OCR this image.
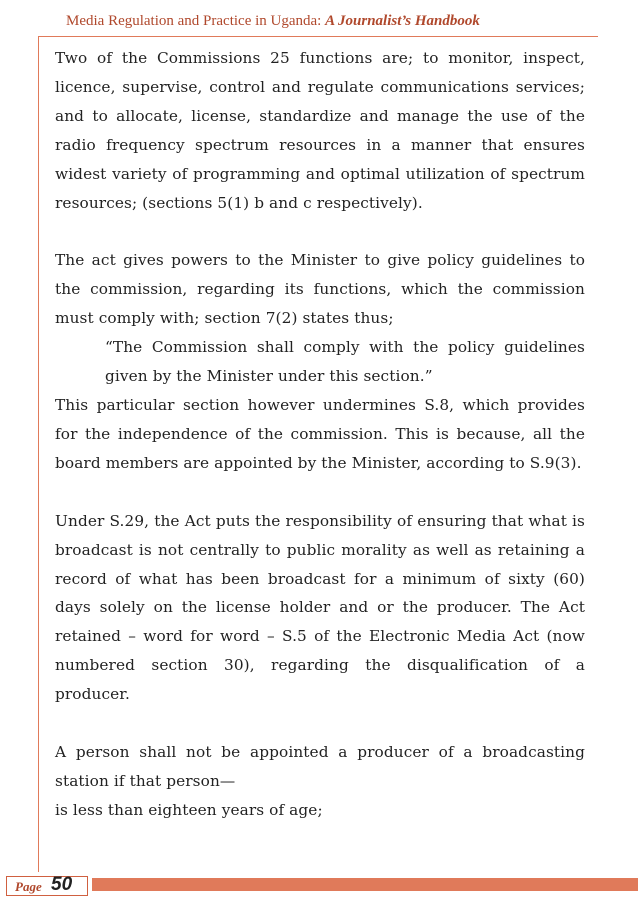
Media Regulation and Practice in Uganda: A Journalist’s Handbook

Two of the Commissions 25 functions are; to monitor, inspect, licence, supervise, control and regulate communications services; and to allocate, license, standardize and manage the use of the radio frequency spectrum resources in a manner that ensures widest variety of programming and optimal utilization of spectrum resources; (sections 5(1) b and c respectively).

The act gives powers to the Minister to give policy guidelines to the commission, regarding its functions, which the commission must comply with; section 7(2) states thus;

“The Commission shall comply with the policy guidelines given by the Minister under this section.”

This particular section however undermines S.8, which provides for the independence of the commission. This is because, all the board members are appointed by the Minister, according to S.9(3).

Under S.29, the Act puts the responsibility of ensuring that what is broadcast is not centrally to public morality as well as retaining a record of what has been broadcast for a minimum of sixty (60) days solely on the license holder and or the producer. The Act retained – word for word – S.5 of the Electronic Media Act (now numbered section 30), regarding the disqualification of a producer.

A person shall not be appointed a producer of a broadcasting station if that person—

is less than eighteen years of age;

Page 50
